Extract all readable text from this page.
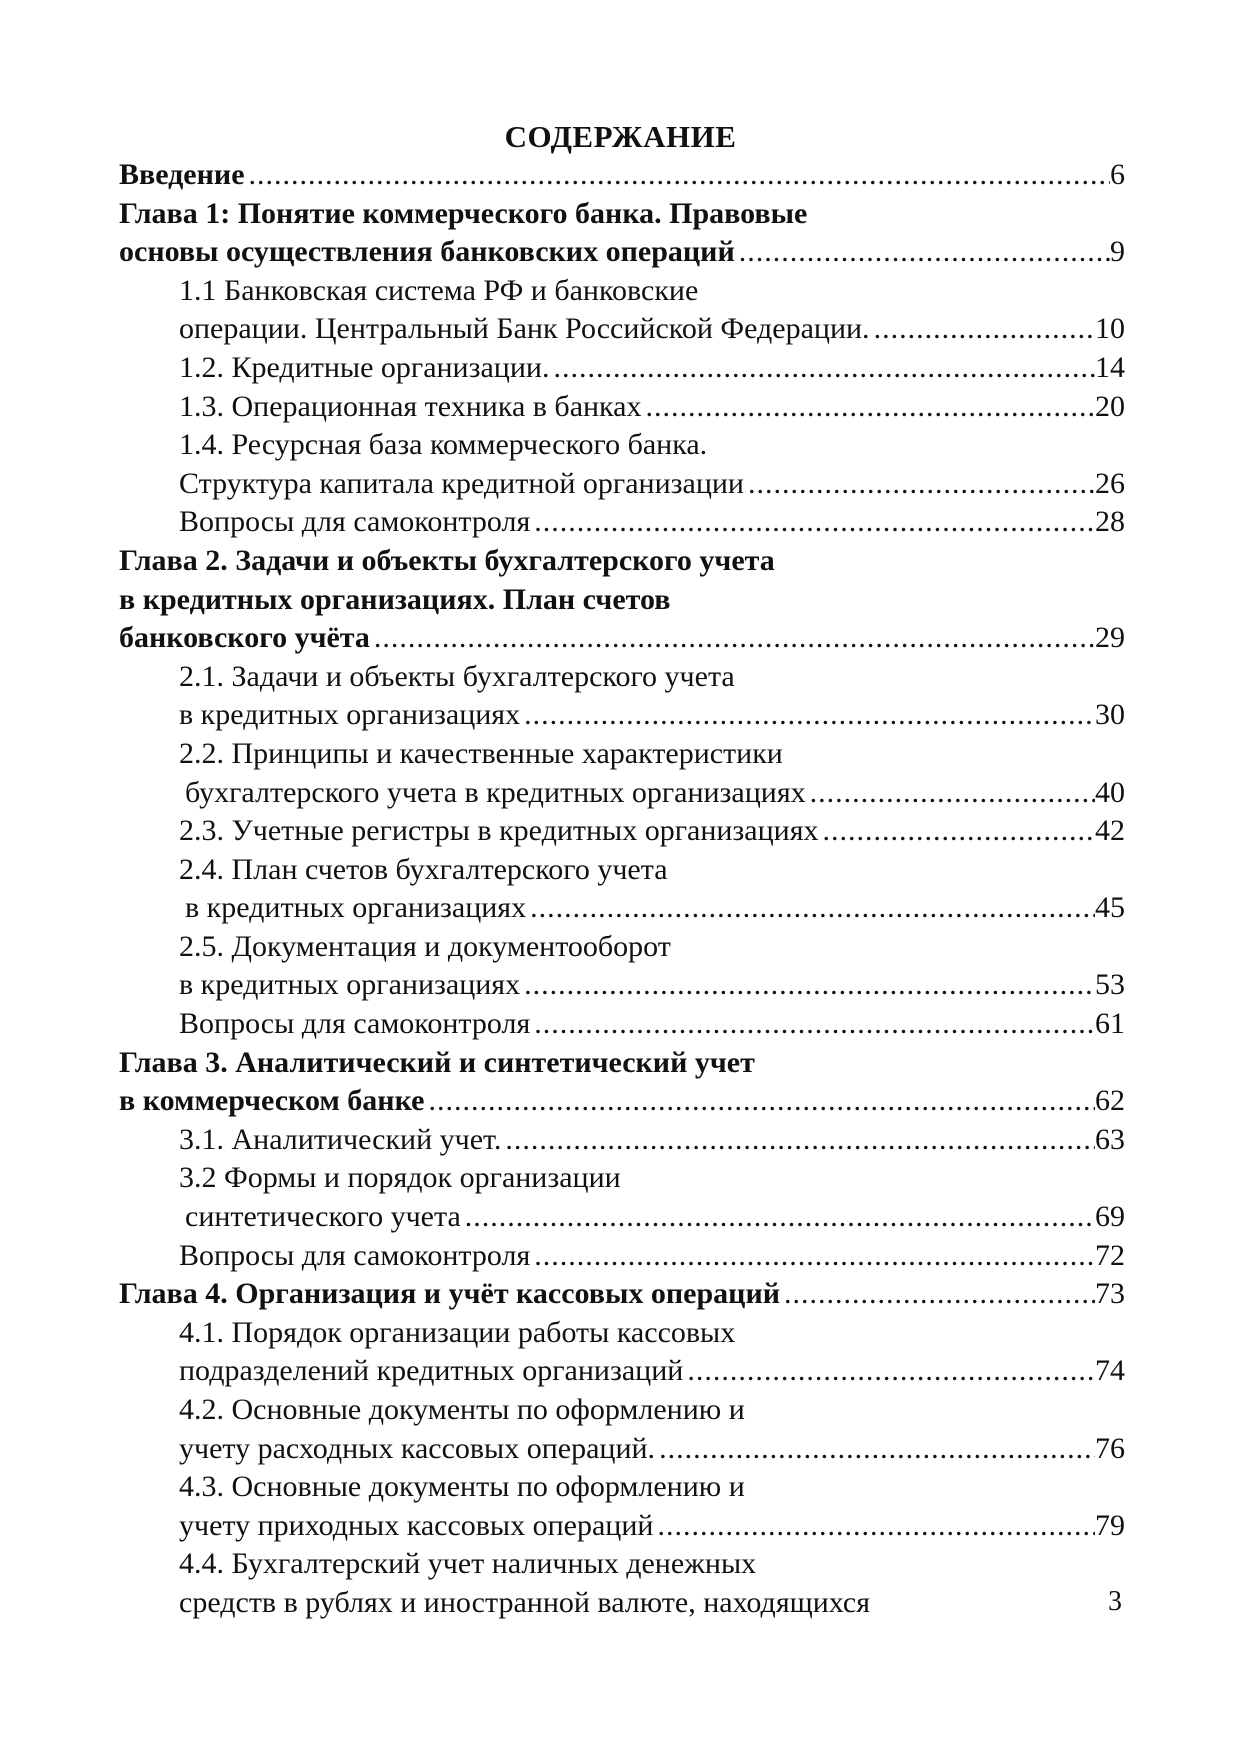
СОДЕРЖАНИЕ
Введение .....	6
Глава 1: Понятие коммерческого банка. Правовые
основы осуществления банковских операций .....	9
1.1 Банковская система РФ и банковские
операции. Центральный Банк Российской Федерации. .....	10
1.2. Кредитные организации. .....	14
1.3. Операционная техника в банках .....	20
1.4. Ресурсная база коммерческого банка.
Структура капитала кредитной организации .....	26
Вопросы для самоконтроля .....	28
Глава 2. Задачи и объекты бухгалтерского учета
в кредитных организациях. План счетов
банковского учёта .....	29
2.1. Задачи и объекты бухгалтерского учета
в кредитных организациях .....	30
2.2. Принципы и качественные характеристики
бухгалтерского учета в кредитных организациях .....	40
2.3. Учетные регистры в кредитных организациях .....	42
2.4. План счетов бухгалтерского учета
в кредитных организациях .....	45
2.5. Документация и документооборот
в кредитных организациях .....	53
Вопросы для самоконтроля .....	61
Глава 3. Аналитический и синтетический учет
в коммерческом банке .....	62
3.1. Аналитический учет. .....	63
3.2 Формы и порядок организации
синтетического учета .....	69
Вопросы для самоконтроля .....	72
Глава 4. Организация и учёт кассовых операций .....	73
4.1. Порядок организации работы кассовых
подразделений кредитных организаций .....	74
4.2. Основные документы по оформлению и
учету расходных кассовых операций. .....	76
4.3. Основные документы по оформлению и
учету приходных кассовых операций .....	79
4.4. Бухгалтерский учет наличных денежных
средств в рублях и иностранной валюте, находящихся	3
